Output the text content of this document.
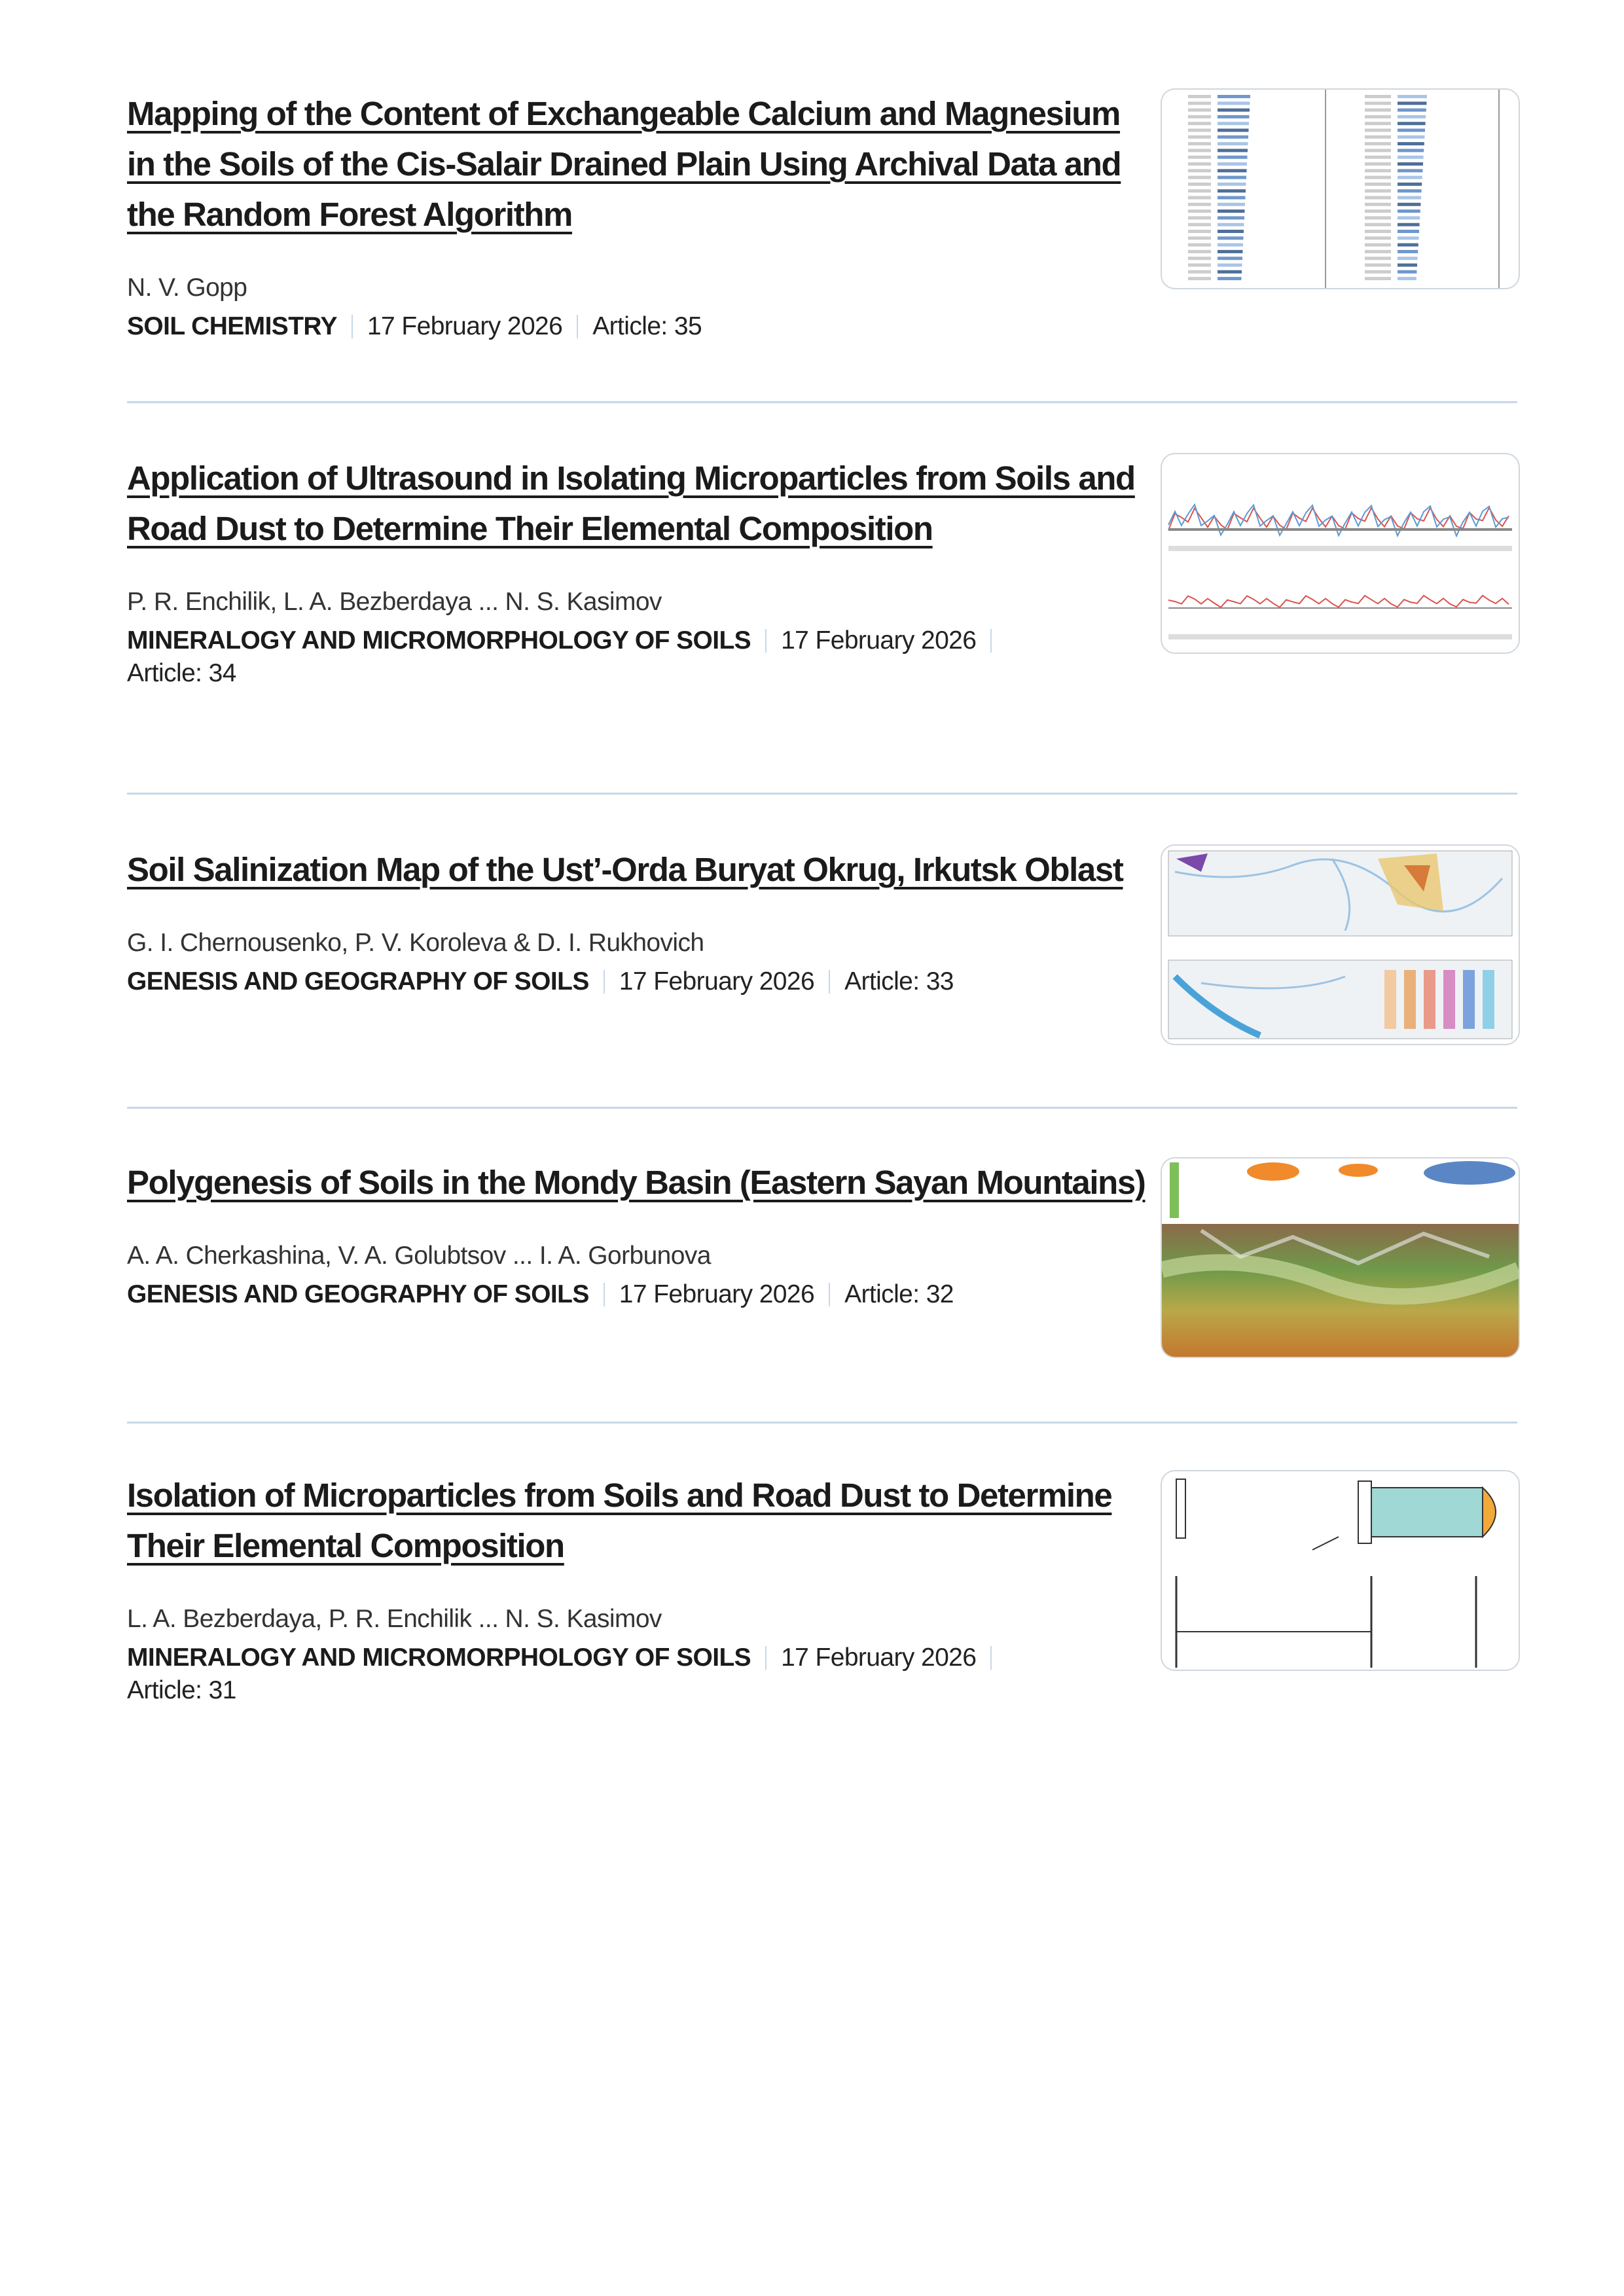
Mapping of the Content of Exchangeable Calcium and Magnesium in the Soils of the Cis-Salair Drained Plain Using Archival Data and the Random Forest Algorithm
N. V. Gopp
SOIL CHEMISTRY 17 February 2026 Article: 35
Application of Ultrasound in Isolating Microparticles from Soils and Road Dust to Determine Their Elemental Composition
P. R. Enchilik, L. A. Bezberdaya ... N. S. Kasimov
MINERALOGY AND MICROMORPHOLOGY OF SOILS 17 February 2026
Article: 34
Soil Salinization Map of the Ust’-Orda Buryat Okrug, Irkutsk Oblast
G. I. Chernousenko, P. V. Koroleva & D. I. Rukhovich
GENESIS AND GEOGRAPHY OF SOILS 17 February 2026 Article: 33
Polygenesis of Soils in the Mondy Basin (Eastern Sayan Mountains)
A. A. Cherkashina, V. A. Golubtsov ... I. A. Gorbunova
GENESIS AND GEOGRAPHY OF SOILS 17 February 2026 Article: 32
Isolation of Microparticles from Soils and Road Dust to Determine Their Elemental Composition
L. A. Bezberdaya, P. R. Enchilik ... N. S. Kasimov
MINERALOGY AND MICROMORPHOLOGY OF SOILS 17 February 2026
Article: 31
